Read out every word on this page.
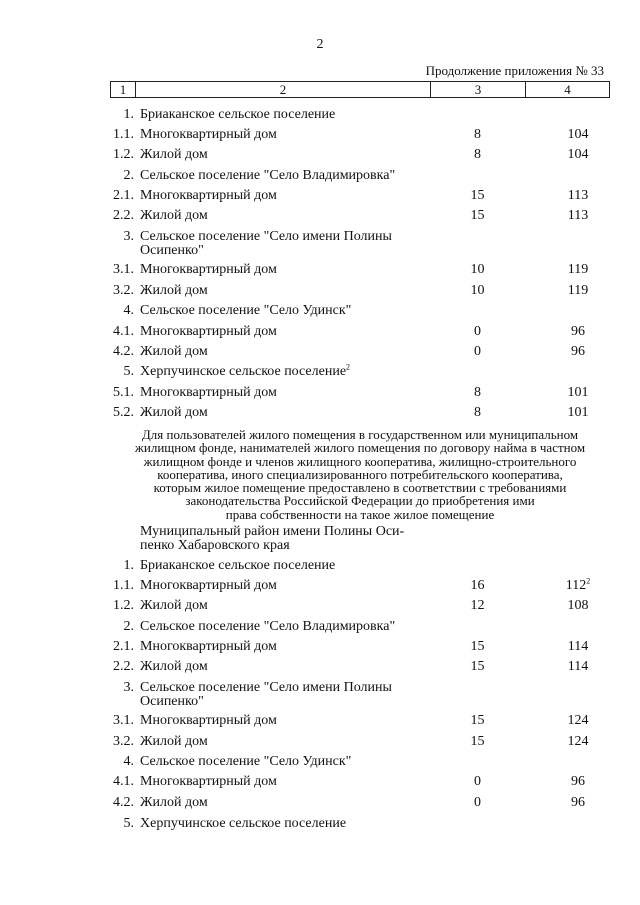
2
Продолжение приложения № 33
1	2	3	4
1. Бриаканское сельское поселение
1.1. Многоквартирный дом	8	104
1.2. Жилой дом	8	104
2. Сельское поселение "Село Владимировка"
2.1. Многоквартирный дом	15	113
2.2. Жилой дом	15	113
3. Сельское поселение "Село имени Полины Осипенко"
3.1. Многоквартирный дом	10	119
3.2. Жилой дом	10	119
4. Сельское поселение "Село Удинск"
4.1. Многоквартирный дом	0	96
4.2. Жилой дом	0	96
5. Херпучинское сельское поселение$^2$
5.1. Многоквартирный дом	8	101
5.2. Жилой дом	8	101
Для пользователей жилого помещения в государственном или муниципальном
жилищном фонде, нанимателей жилого помещения по договору найма в частном
жилищном фонде и членов жилищного кооператива, жилищно-строительного
кооператива, иного специализированного потребительского кооператива,
которым жилое помещение предоставлено в соответствии с требованиями
законодательства Российской Федерации до приобретения ими
права собственности на такое жилое помещение
Муниципальный район имени Полины Оси-
пенко Хабаровского края
1. Бриаканское сельское поселение
1.1. Многоквартирный дом	16	$112^2$
1.2. Жилой дом	12	108
2. Сельское поселение "Село Владимировка"
2.1. Многоквартирный дом	15	114
2.2. Жилой дом	15	114
3. Сельское поселение "Село имени Полины Осипенко"
3.1. Многоквартирный дом	15	124
3.2. Жилой дом	15	124
4. Сельское поселение "Село Удинск"
4.1. Многоквартирный дом	0	96
4.2. Жилой дом	0	96
5. Херпучинское сельское поселение
